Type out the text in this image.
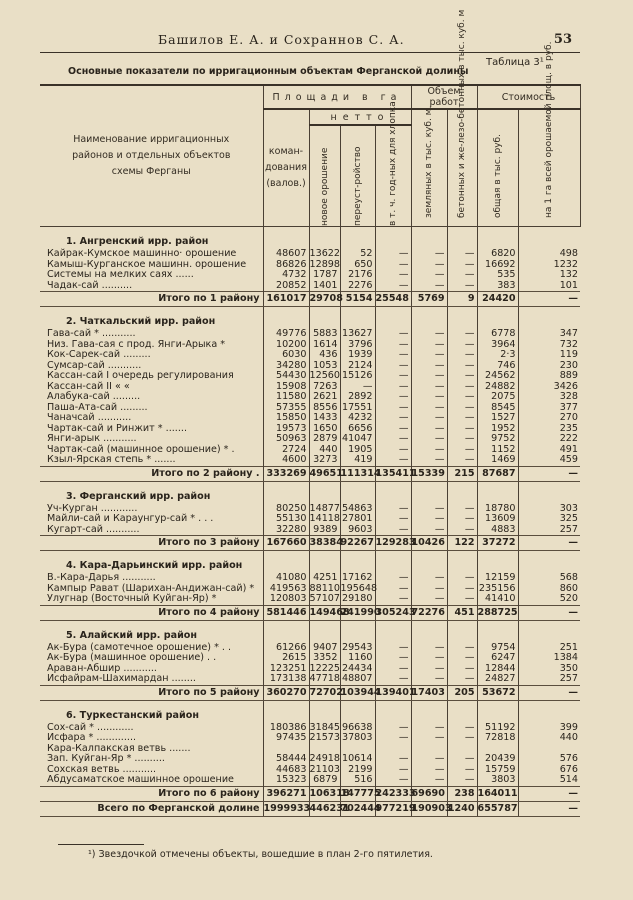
Башилов Е. А. и Сохраннов С. А.	53
Таблица 3¹
Основные показатели по ирригационным объектам Ферганской долины
Наименование ирригационных
районов и отдельных объектов
схемы Ферганы	Площади в га				Объем работ		Стоимость	

	коман-
дования
(валов.)	нетто			земляных в тыс. куб. м.	бетонных и же-лезо-бетонных в тыс. куб. м	общая в тыс. руб.	на 1 га всей орошаемой площ. в руб.

		новое орошение	переуст-ройство	в т. ч. год-ных для хлопка				

1. Ангренский ирр. район								
Кайрак-Кумское машинно· орошение	48607	13622	52	—	—	—	6820	498
Камыш-Курганское машинн. орошение	86826	12898	650	—	—	—	16692	1232
Системы на мелких саях ......	4732	1787	2176	—	—	—	535	132
Чадак-сай ..........	20852	1401	2276	—	—	—	383	101
Итого по 1 району	161017	29708	5154	25548	5769	9	24420	—

2. Чаткальский ирр. район								
Гава-сай * ...........	49776	5883	13627	—	—	—	6778	347
Низ. Гава-сая с прод. Янги-Арыка *	10200	1614	3796	—	—	—	3964	732
Кок-Сарек-сай .........	6030	436	1939	—	—	—	2·3	119
Сумсар-сай ...........	34280	1053	2124	—	—	—	746	230
Кассан-сай I очередь регулирования	54430	12560	15126	—	—	—	24562	889
Кассан-сай II « «	15908	7263	—	—	—	—	24882	3426
Алабука-сай .........	11580	2621	2892	—	—	—	2075	328
Паша-Ата-сай .........	57355	8556	17551	—	—	—	8545	377
Чаначсай ...........	15850	1433	4232	—	—	—	1527	270
Чартак-сай и Ринжит * .......	19573	1650	6656	—	—	—	1952	235
Янги-арык ...........	50963	2879	41047	—	—	—	9752	222
Чартак-сай (машинное орошение) * .	2724	440	1905	—	—	—	1152	491
Кзыл-Ярская степь * .......	4600	3273	419	—	—	—	1469	459
Итого по 2 району .	333269	49651	111314	135411	15339	215	87687	—

3. Ферганский ирр. район								
Уч-Курган ............	80250	14877	54863	—	—	—	18780	303
Майли-сай и Караунгур-сай * . . .	55130	14118	27801	—	—	—	13609	325
Кугарт-сай ...........	32280	9389	9603	—	—	—	4883	257
Итого по 3 району	167660	38384	92267	129283	10426	122	37272	—

4. Кара-Дарьинский ирр. район								
В.-Кара-Дарья ...........	41080	4251	17162	—	—	—	12159	568
Кампыр Рават (Шарихан-Андижан-сай) *	419563	88110	195648	—	—	—	235156	860
Улугнар (Восточный Куйган-Яр) *	120803	57107	29180	—	—	—	41410	520
Итого по 4 району	581446	149468	241990	305243	72276	451	288725	—

5. Алайский ирр. район								
Ак-Бура (самотечное орошение) * . .	61266	9407	29543	—	—	—	9754	251
Ак-Бура (машинное орошение) . .	2615	3352	1160	—	—	—	6247	1384
Араван-Абшир ...........	123251	12225	24434	—	—	—	12844	350
Исфайрам-Шахимардан ........	173138	47718	48807	—	—	—	24827	257
Итого по 5 району	360270	72702	103944	139401	17403	205	53672	—

6. Туркестанский район								
Сох-сай * ............	180386	31845	96638	—	—	—	51192	399
Исфара * .............	97435	21573	37803	—	—	—	72818	440
Кара-Калпакская ветвь .......								
Зап. Куйган-Яр * ..........	58444	24918	10614	—	—	—	20439	576
Сохская ветвь ...........	44683	21103	2199	—	—	—	15759	676
Абдусаматское машинное орошение	15323	6879	516	—	—	—	3803	514
Итого по 6 району	396271	106318	147775	242333	69690	238	164011	—
Всего по Ферганской долине	1999933	446231	702444	977219	190903	1240	655787	—
¹) Звездочкой отмечены объекты, вошедшие в план 2-го пятилетия.
